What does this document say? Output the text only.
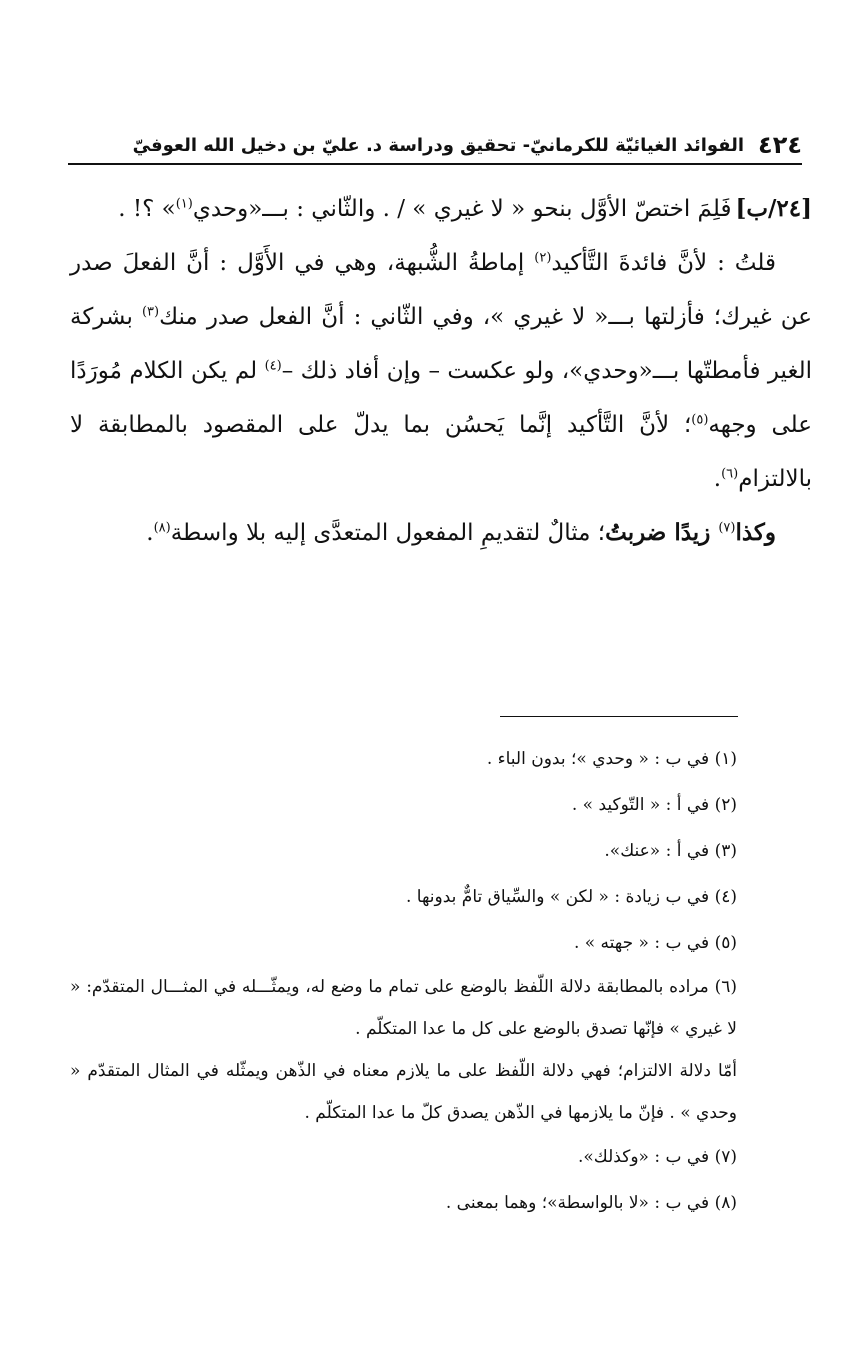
٤٢٤
الفوائد الغيائيّة للكرمانيّ- تحقيق ودراسة د. عليّ بن دخيل الله العوفيّ

[٢٤/ب]فَلِمَ اختصّ الأوَّل بنحو « لا غيري » / . والثّاني : بـــ«وحدي$^{(١)}$» ؟! .

قلتُ : لأنَّ فائدةَ التَّأكيد$^{(٢)}$ إماطةُ الشُّبهة، وهي في الأَوَّل : أنَّ الفعلَ صدر عن غيرك؛ فأزلتها بـــ« لا غيري »، وفي الثّاني : أنَّ الفعل صدر منك$^{(٣)}$ بشركة الغير فأمطتّها بـــ«وحدي»، ولو عكست – وإن أفاد ذلك –$^{(٤)}$ لم يكن الكلام مُورَدًا على وجهه$^{(٥)}$؛ لأنَّ التَّأكيد إنَّما يَحسُن بما يدلّ على المقصود بالمطابقة لا بالالتزام$^{(٦)}$.

وكذا$^{(٧)}$ زيدًا ضربتُ؛ مثالٌ لتقديمِ المفعول المتعدَّى إليه بلا واسطة$^{(٨)}$.

(١) في ب : « وحدي »؛ بدون الباء .

(٢) في أ : « التّوكيد » .

(٣) في أ : «عنك».

(٤) في ب زيادة : « لكن » والسِّياق تامٌّ بدونها .

(٥) في ب : « جهته » .

(٦) مراده بالمطابقة دلالة اللّفظ بالوضع على تمام ما وضع له، ويمثّـــله في المثـــال المتقدّم: « لا غيري » فإنّها تصدق بالوضع على كل ما عدا المتكلّم .

أمّا دلالة الالتزام؛ فهي دلالة اللّفظ على ما يلازم معناه في الذّهن ويمثّله في المثال المتقدّم « وحدي » . فإنّ ما يلازمها في الذّهن يصدق كلّ ما عدا المتكلّم .

(٧) في ب : «وكذلك».

(٨) في ب : «لا بالواسطة»؛ وهما بمعنى .
